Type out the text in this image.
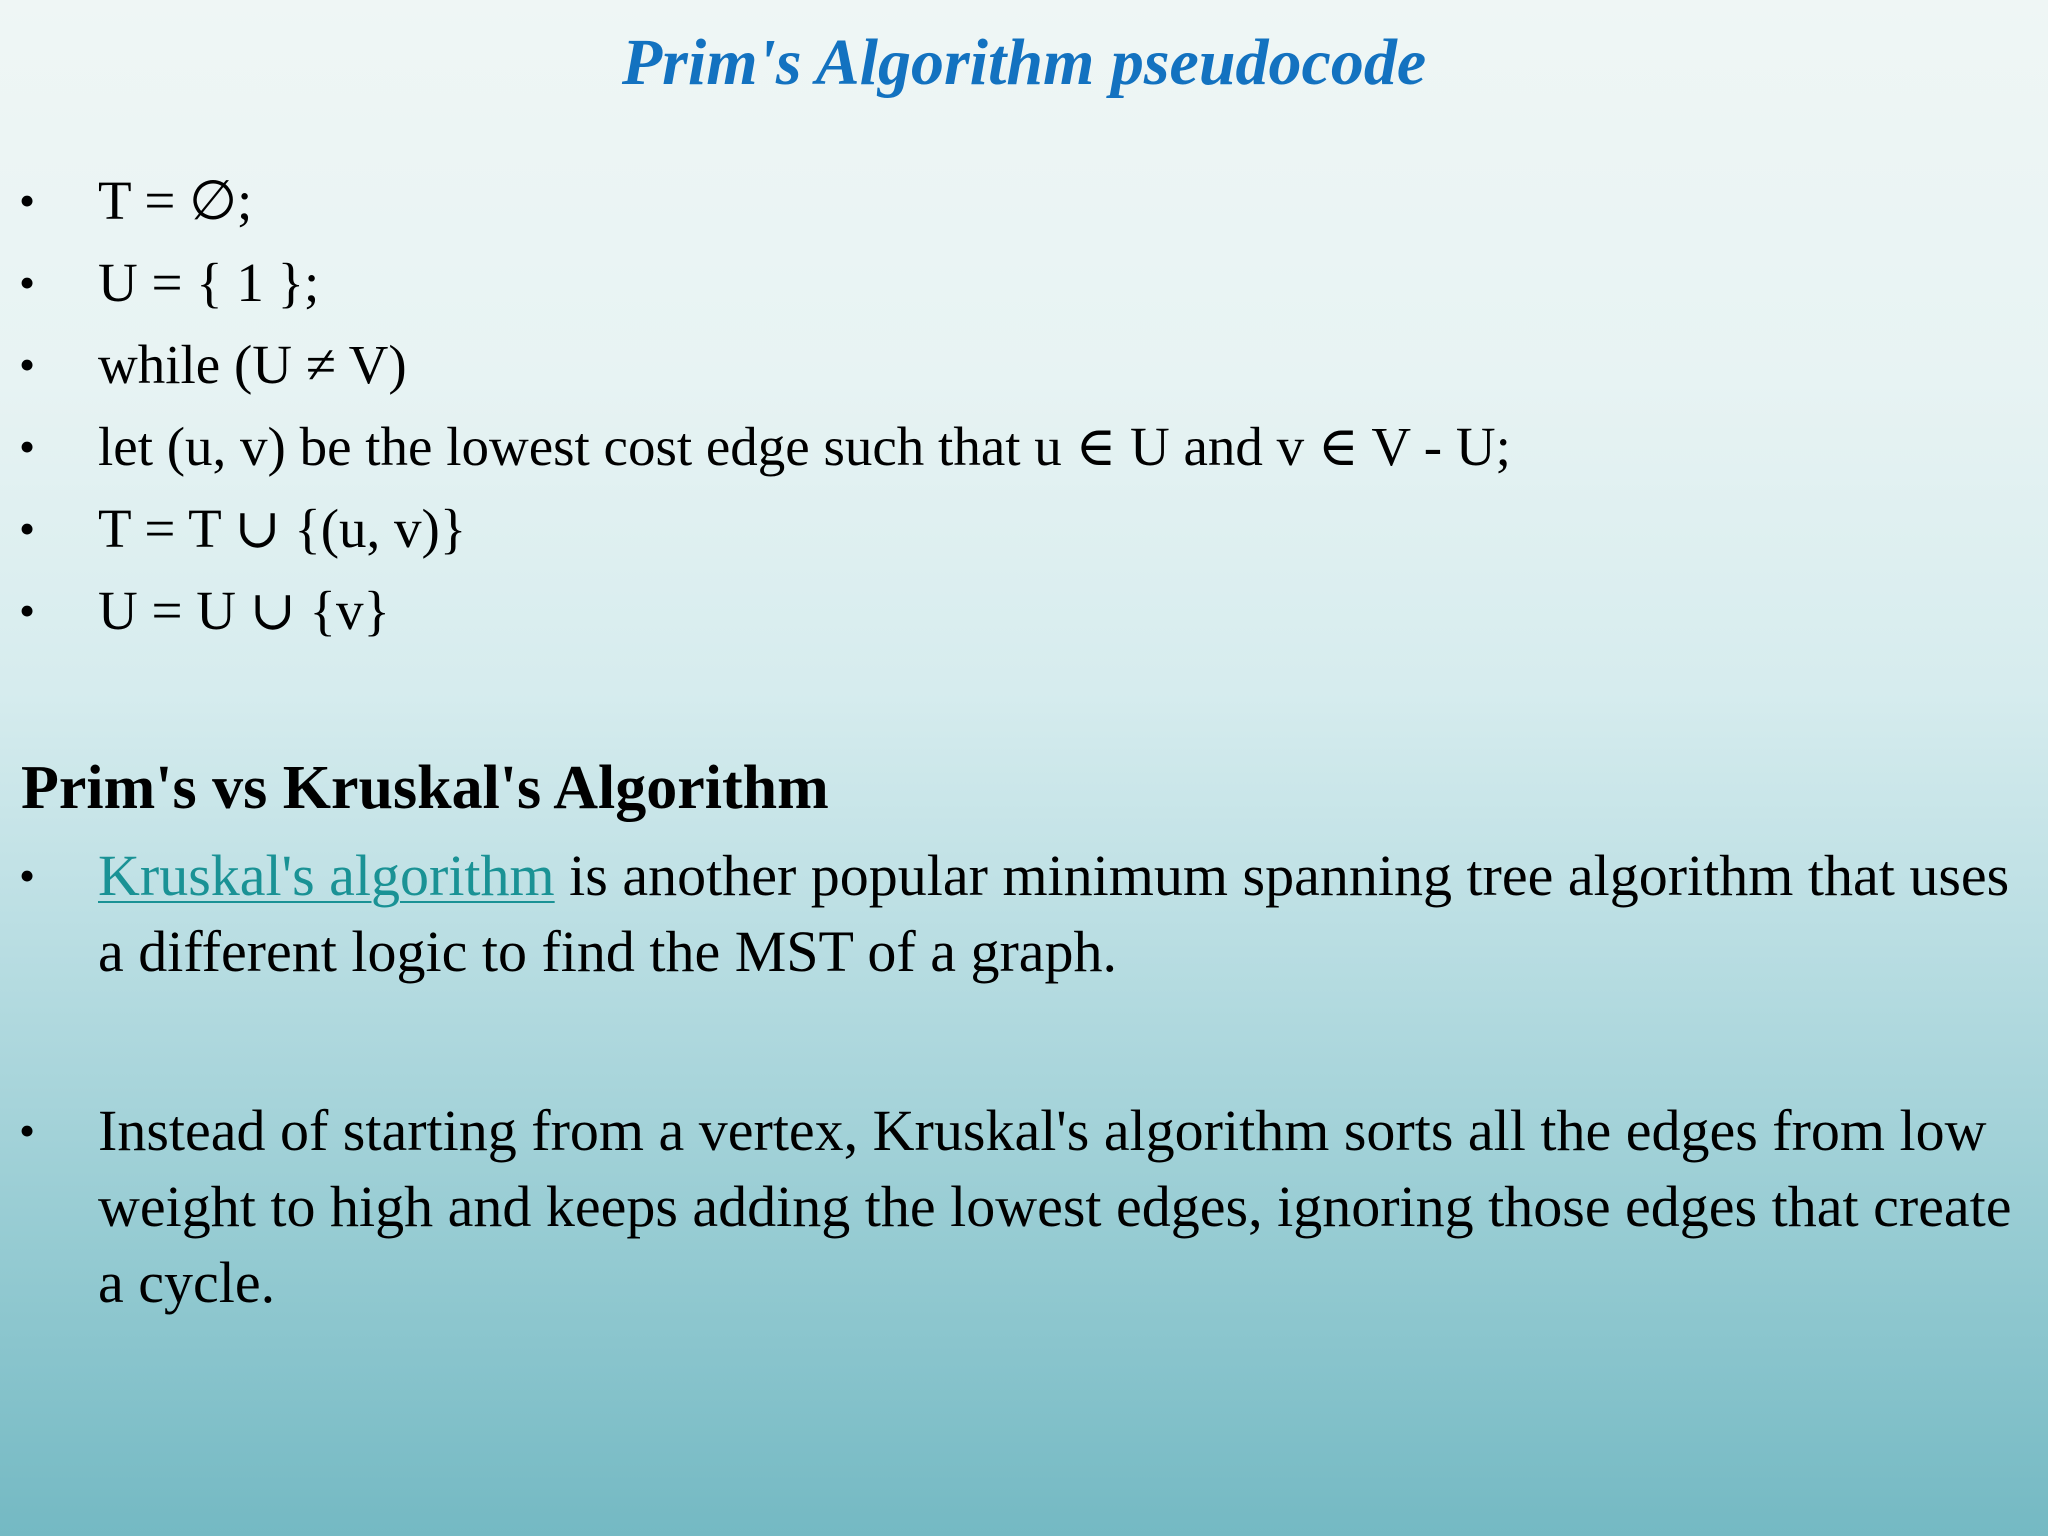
Prim's Algorithm pseudocode
• T = ∅;
• U = { 1 };
• while (U ≠ V)
• let (u, v) be the lowest cost edge such that u ∈ U and v ∈ V - U;
• T = T ∪ {(u, v)}
• U = U ∪ {v}
Prim's vs Kruskal's Algorithm
• Kruskal's algorithm is another popular minimum spanning tree algorithm that uses a different logic to find the MST of a graph.
• Instead of starting from a vertex, Kruskal's algorithm sorts all the edges from low weight to high and keeps adding the lowest edges, ignoring those edges that create a cycle.
